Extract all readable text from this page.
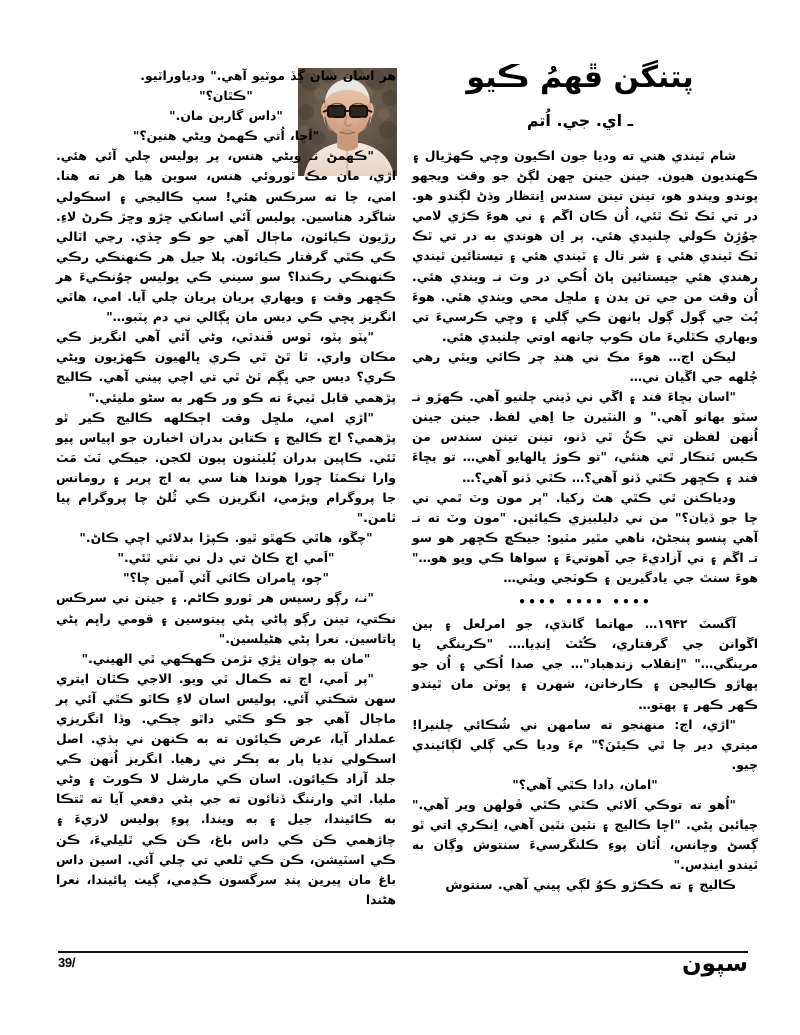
پتنگن ڦهمُ ڪيو
ـ اي. جي. اُتم

هر اسان سان ڳڏ موٽيو آهي." ودياوراٽيو.

"ڪٿان؟"

"داس گاربن مان."

"اَڇا، اُتي ڪهمڻ ويڻي هنين؟"

"ڪهمڻ نـ ويڻي هنس، پر پوليس چلي آئي هئي. اڙي، مان مڪ ٿوروئي هنس، سوين هيا هر ته هنا. امي، چا ته سرڪس هئي! سڀ ڪاليجي ۽ اسڪولي شاگرد هناسين. پوليس آئي اسانکي ڇڙو وڇڙ ڪرڻ لاءِ. رڙيون ڪيائون، ماڄال آهي جو ڪو ڇڏي. رڃي اٽالي ڪي ڪٿي گرفتار ڪيائون. پلا جيل هر ڪنهنڪي رڪي ڪنهنڪي رڪندا؟ سو سيني ڪي پوليس چوُنڪيءَ هر ڪڇهر وقت ۽ ويهاري پريان پريان چلي آيا. امي، هاٿي انگريز پڇي ڪي ديس مان ڀڳالي ني دم پٽبو…"

"پٽو پٽو، ٿوس ڦندٿي، وڻي آئي آهي انگريز ڪي مڪان واري. ٿا ٿڻ ٿي ڪري ڀالهيون ڪهڙيون ويڻي ڪري؟ ديس جي ڀڳم ٿڻ ٿي تي اچي پيني آهي. ڪاليج پڙهمي قابل ٿييءَ ته ڪو ور ڪهر به سڻو مليئي."

"اڙي امي، ملڇل وقت اڄڪلهه ڪاليج ڪير ٿو پڙهمي؟ اڄ ڪاليج ۽ ڪتابن بدران اخبارن جو اپياس پيو ٿئي. ڪاپين بدران ٻُليٽنون پيون لکجن. جيڪي نَٽ مَٽ وارا نڪمٽا ڇورا هوندا هنا سي به اڄ پرير ۽ رومانس جا پروگرام ويڙمي، انگريزن ڪي ٿُلڻ چا پروگرام پيا ٿامن."

"چڱو، هاٿي ڪهٿو ٿيو. ڪپڙا بدلائي اچي ڪاڻ."

"اَمي اڄ ڪاڻ تي دل ني نٿي ٿئي."

"چو، ڀامران ڪائي آئي آمين چا؟"

"نـ، رڳو رسيس هر ٿورو ڪاڻم. ۽ جينن ني سرڪس نڪتي، تينن رڳو پاڻي پڻي پيتوسين ۽ قومي راڀم پڻي ڀاتاسين. نعرا پڻي هڻيلسين."

"مان به چوان نِڙي تڙمن ڪهڪهي ٿي الهيني."

"پر اَمي، اڄ ته ڪمال ٿي ويو. الاجي ڪٿان ايتري سهن شڪتي آئي. پوليس اسان لاءِ ڪاٿو ڪٿي آئي پر ماڄال آهي جو ڪو ڪٿي داٿو چڪي. وڏا انگريزي عملدار آيا، عرض ڪيائون ته به ڪنهن ني ٻڌي. اصل اسڪولي نڊيا پار به ٻڪر ني رهيا. انگريز اُنهن ڪي جلد آزاد ڪيائون. اسان ڪي مارشل لا ڪورٽ ۽ وڻي مليا. اٿي وارننگ ڏنائون ته جي ٻڻي دفعي آيا ته ٿتڪا به ڪائيندا، جيل ۽ به ويندا. پوءِ پوليس لاريءَ ۽ چاڙهمي ڪن ڪي داس باغ، ڪن ڪي ٿليليءَ، ڪن ڪي اسٽيشن، ڪن ڪي ٿلعي تي چلي آئي. اسين داس باغ مان پيرين پنڊ سرگسون ڪڍمي، ڳيت ڀائيندا، نعرا هڻندا

شام ٿيندي هني ته وديا جون اڪيون وڇي ڪهڙيال ۽ ڪهنديون هيون. جينن جينن ڇهن لڳڻ جو وقت ويجهو پوندو ويندو هو، تينن تينن سندس اِنتظار وڌڻ لڳندو هو. در تي ٿڪ ٿڪ ٿئي، اُن ڪان اڱم ۽ ني هوءَ ڪڙي لامي چوُڙِڻ ڪولي چلنيدي هئي. پر اِن هوندي به در تي ٿڪ ٿڪ ٿيندي هئي ۽ شر تال ۽ ٿيندي هئي ۽ تيستائين ٿيندي رهندي هئي جيستائين پاڻ اُڪي در وٽ نـ ويندي هئي. اُن وقت من جي تن بدن ۽ ملڇل محي ويندي هئي. هوءَ پُٽ جي ڳول ڳول ٻانهن ڪي ڳلي ۽ وڇي ڪرسيءَ تي ويهاري ڪٿليءَ مان ڪوپ چانهه اوتي چلنيدي هئي.

ليڪن اڄ… هوءَ مڪ ني هنڊ چر ڪائي ويٿي رهي چُلهه جي اڱيان ني…

"اسان بڇاءَ فند ۽ اڱي ني ڏيني چلنيو آهي. ڪهڙو نـ سٽو بهانو آهي." و النٽيرن جا اِهي لفظ. جينن جينن اُنهن لفظن تي ڪڻُ ٿي ڏنو، تينن تينن سندس من ڪيس ٿنڪار ٿي هنئي، "تو ڪوڙ ڀالهايو آهي… تو بڇاءَ فند ۽ ڪڇهر ڪٿي ڏنو آهي؟… ڪٿي ڏنو آهي؟…

ودياڪنن ٿي ڪٿي هٿ رکيا. "پر مون وٽ ٿمي ني چا جو ڏيان؟" من ني دليلبيزي ڪيائين. "مون وٽ ته نـ آهي پنسو پنجڻڻ، ناهي مٿير مٿيو: جيڪڇ ڪڇهر هو سو تـ اڱم ۽ ني آزاديءَ جي آهوتيءَ ۽ سواها ڪي ويو هو…" هوءَ سنٿ جي يادگيرين ۽ ڪوٽجي ويٿي…

•••• •••• ••••

آگسٽ ۱۹۴۲… مهاتما گانڌي، جو امرلعل ۽ ٻين اڱوانن جي گرفتاري، ڪُڻٽ اِنڊيا…. "ڪرينگي يا مرينگي…" "اِنقلاب زندهباد"… جي صدا اُڪي ۽ اُن جو پهاڙو ڪاليجن ۽ ڪارخانن، شهرن ۽ ڀوٽن مان ٿيندو ڪهر ڪهر ۽ پهتو…

"اڙي، اڄ: منهنجو ته سامهن ني شُڪائي چلنيرا! ميتري دير چا ٿي ڪيئنَ؟" مءَ وديا ڪي ڳلي لڳائيندي چيو.

"امان، دادا ڪٿي آهي؟"

"اُهو ته توڪي اَلائي ڪٿي ڪٿي ڦولهن وير آهي." چيائين پڻي. "اڇا ڪاليج ۽ نٿين نٿين آهي، اِنڪري اتي ٿو ڳسڻ وڇانس، اُٿان پوءِ ڪلنگرسيءَ سنتوش وڳان به ٿيندو اينڊس."

ڪاليج ۽ ته ڪڪڙو ڪوُ لڳي پيني آهي. سنتوش

39/	سپون
